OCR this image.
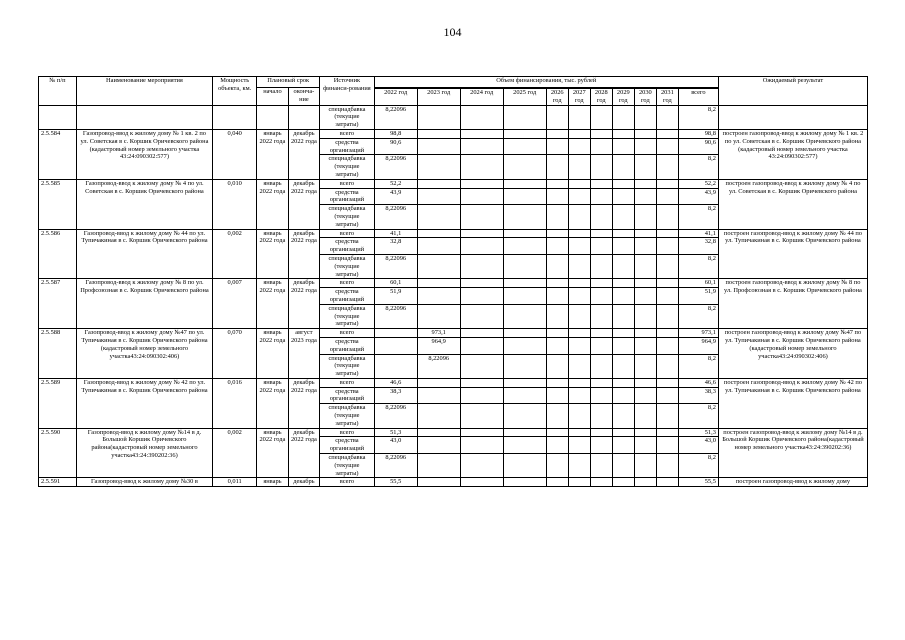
104
№ п/п	Наименование мероприятия	Мощность объекта, км.	Плановый срок		Источник финанси-рования	Объем финансирования, тыс. рублей											Ожидаемый результат
			начало	оконча-ние													
						2022 год	2023 год	2024 год	2025 год	2026 год	2027 год	2028 год	2029 год	2030 год	2031 год	всего	
					спецнадбавка (текущие затраты)	8,22096										8,2	
2.5.584	Газопровод-ввод к жилому дому № 1 кв. 2 по ул. Советская в с. Коршик Оричевского района (кадастровый номер земельного участка 43:24:090302:577)	0,040	январь 2022 года	декабрь 2022 года	всего	98,8										98,8	построен газопровод-ввод к жилому дому № 1 кв. 2 по ул. Советская в с. Коршик Оричевского района (кадастровый номер земельного участка 43:24:090302:577)
					средства организаций	90,6										90,6	
					спецнадбавка (текущие затраты)	8,22096										8,2	
2.5.585	Газопровод-ввод к жилому дому № 4 по ул. Советская в с. Коршик Оричевского района	0,010	январь 2022 года	декабрь 2022 года	всего	52,2										52,2	построен газопровод-ввод к жилому дому № 4 по ул. Советская в с. Коршик Оричевского района
					средства организаций	43,9										43,9	
					спецнадбавка (текущие затраты)	8,22096										8,2	
2.5.586	Газопровод-ввод к жилому дому № 44 по ул. Тупичакиная в с. Коршик Оричевского района	0,002	январь 2022 года	декабрь 2022 года	всего	41,1										41,1	построен газопровод-ввод к жилому дому № 44 по ул. Тупичакиная в с. Коршик Оричевского района
					средства организаций	32,8										32,8	
					спецнадбавка (текущие затраты)	8,22096										8,2	
2.5.587	Газопровод-ввод к жилому дому № 8 по ул. Профсоюзная в с. Коршик Оричевского района	0,007	январь 2022 года	декабрь 2022 года	всего	60,1										60,1	построен газопровод-ввод к жилому дому № 8 по ул. Профсоюзная в с. Коршик Оричевского района
					средства организаций	51,9										51,9	
					спецнадбавка (текущие затраты)	8,22096										8,2	
2.5.588	Газопровод-ввод к жилому дому №47 по ул. Тупичакиная в с. Коршик Оричевского района (кадастровый номер земельного участка43:24:090302:406)	0,070	январь 2022 года	август 2023 года	всего		973,1									973,1	построен газопровод-ввод к жилому дому №47 по ул. Тупичакиная в с. Коршик Оричевского района (кадастровый номер земельного участка43:24:090302:406)
					средства организаций		964,9									964,9	
					спецнадбавка (текущие затраты)		8,22096									8,2	
2.5.589	Газопровод-ввод к жилому дому № 42 по ул. Тупичакиная в с. Коршик Оричевского района	0,016	январь 2022 года	декабрь 2022 года	всего	46,6										46,6	построен газопровод-ввод к жилому дому № 42 по ул. Тупичакиная в с. Коршик Оричевского района
					средства организаций	38,3										38,3	
					спецнадбавка (текущие затраты)	8,22096										8,2	
2.5.590	Газопровод-ввод к жилому дому №14 в д. Большой Коршик Оричевского района(кадастровый номер земельного участка43:24:390202:36)	0,002	январь 2022 года	декабрь 2022 года	всего	51,3										51,3	построен газопровод-ввод к жилому дому №14 в д. Большой Коршик Оричевского района(кадастровый номер земельного участка43:24:390202:36)
					средства организаций	43,0										43,0	
					спецнадбавка (текущие затраты)	8,22096										8,2	
2.5.591	Газопровод-ввод к жилому дому №30 в	0,011	январь	декабрь	всего	55,5										55,5	построен газопровод-ввод к жилому дому
